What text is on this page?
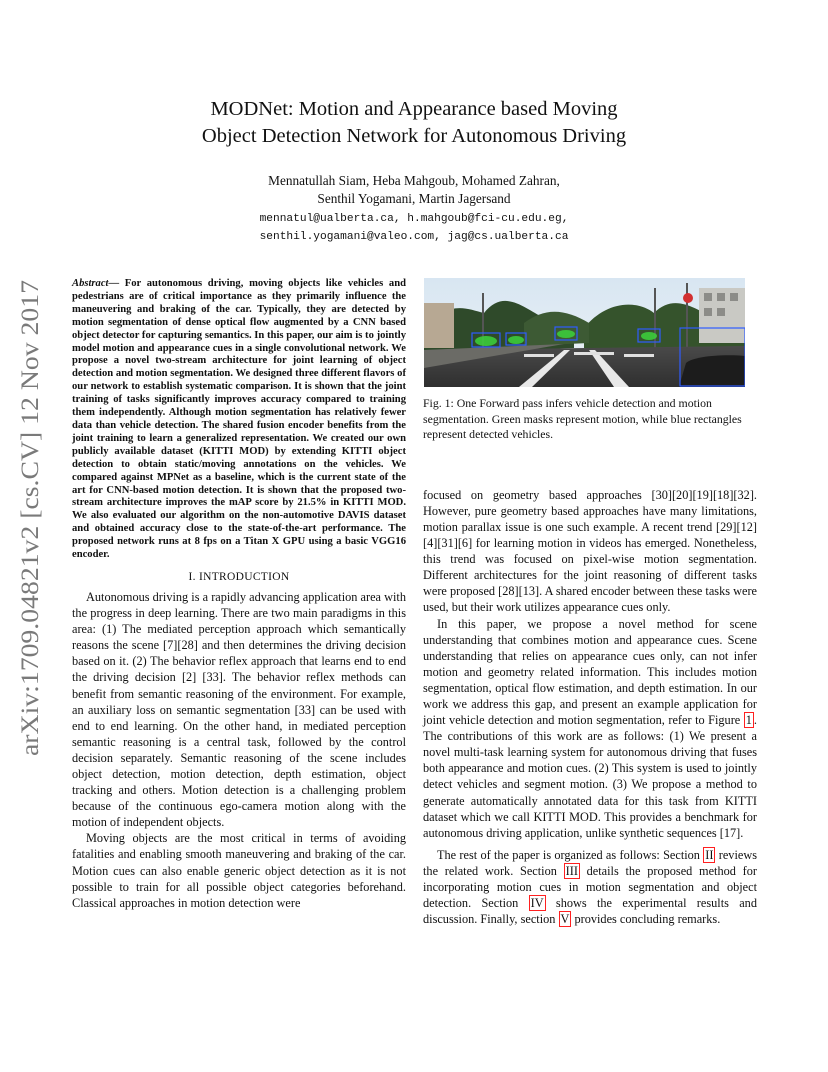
arXiv:1709.04821v2 [cs.CV] 12 Nov 2017
MODNet: Motion and Appearance based Moving
Object Detection Network for Autonomous Driving
Mennatullah Siam, Heba Mahgoub, Mohamed Zahran,
Senthil Yogamani, Martin Jagersand
mennatul@ualberta.ca, h.mahgoub@fci-cu.edu.eg,
senthil.yogamani@valeo.com, jag@cs.ualberta.ca

Abstract— For autonomous driving, moving objects like vehicles and pedestrians are of critical importance as they primarily influence the maneuvering and braking of the car. Typically, they are detected by motion segmentation of dense optical flow augmented by a CNN based object detector for capturing semantics. In this paper, our aim is to jointly model motion and appearance cues in a single convolutional network. We propose a novel two-stream architecture for joint learning of object detection and motion segmentation. We designed three different flavors of our network to establish systematic comparison. It is shown that the joint training of tasks significantly improves accuracy compared to training them independently. Although motion segmentation has relatively fewer data than vehicle detection. The shared fusion encoder benefits from the joint training to learn a generalized representation. We created our own publicly available dataset (KITTI MOD) by extending KITTI object detection to obtain static/moving annotations on the vehicles. We compared against MPNet as a baseline, which is the current state of the art for CNN-based motion detection. It is shown that the proposed two-stream architecture improves the mAP score by 21.5% in KITTI MOD. We also evaluated our algorithm on the non-automotive DAVIS dataset and obtained accuracy close to the state-of-the-art performance. The proposed network runs at 8 fps on a Titan X GPU using a basic VGG16 encoder.

I. INTRODUCTION

Autonomous driving is a rapidly advancing application area with the progress in deep learning. There are two main paradigms in this area: (1) The mediated perception approach which semantically reasons the scene [7][28] and then determines the driving decision based on it. (2) The behavior reflex approach that learns end to end the driving decision [2] [33]. The behavior reflex methods can benefit from semantic reasoning of the environment. For example, an auxiliary loss on semantic segmentation [33] can be used with end to end learning. On the other hand, in mediated perception semantic reasoning is a central task, followed by the control decision separately. Semantic reasoning of the scene includes object detection, motion detection, depth estimation, object tracking and others. Motion detection is a challenging problem because of the continuous ego-camera motion along with the motion of independent objects.

Moving objects are the most critical in terms of avoiding fatalities and enabling smooth maneuvering and braking of the car. Motion cues can also enable generic object detection as it is not possible to train for all possible object categories beforehand. Classical approaches in motion detection were

Fig. 1: One Forward pass infers vehicle detection and motion segmentation. Green masks represent motion, while blue rectangles represent detected vehicles.

focused on geometry based approaches [30][20][19][18][32]. However, pure geometry based approaches have many limitations, motion parallax issue is one such example. A recent trend [29][12][4][31][6] for learning motion in videos has emerged. Nonetheless, this trend was focused on pixel-wise motion segmentation. Different architectures for the joint reasoning of different tasks were proposed [28][13]. A shared encoder between these tasks were used, but their work utilizes appearance cues only.

In this paper, we propose a novel method for scene understanding that combines motion and appearance cues. Scene understanding that relies on appearance cues only, can not infer motion and geometry related information. This includes motion segmentation, optical flow estimation, and depth estimation. In our work we address this gap, and present an example application for joint vehicle detection and motion segmentation, refer to Figure 1 . The contributions of this work are as follows: (1) We present a novel multi-task learning system for autonomous driving that fuses both appearance and motion cues. (2) This system is used to jointly detect vehicles and segment motion. (3) We propose a method to generate automatically annotated data for this task from KITTI dataset which we call KITTI MOD. This provides a benchmark for autonomous driving application, unlike synthetic sequences [17].

The rest of the paper is organized as follows: Section II reviews the related work. Section III details the proposed method for incorporating motion cues in motion segmentation and object detection. Section IV shows the experimental results and discussion. Finally, section V provides concluding remarks.
